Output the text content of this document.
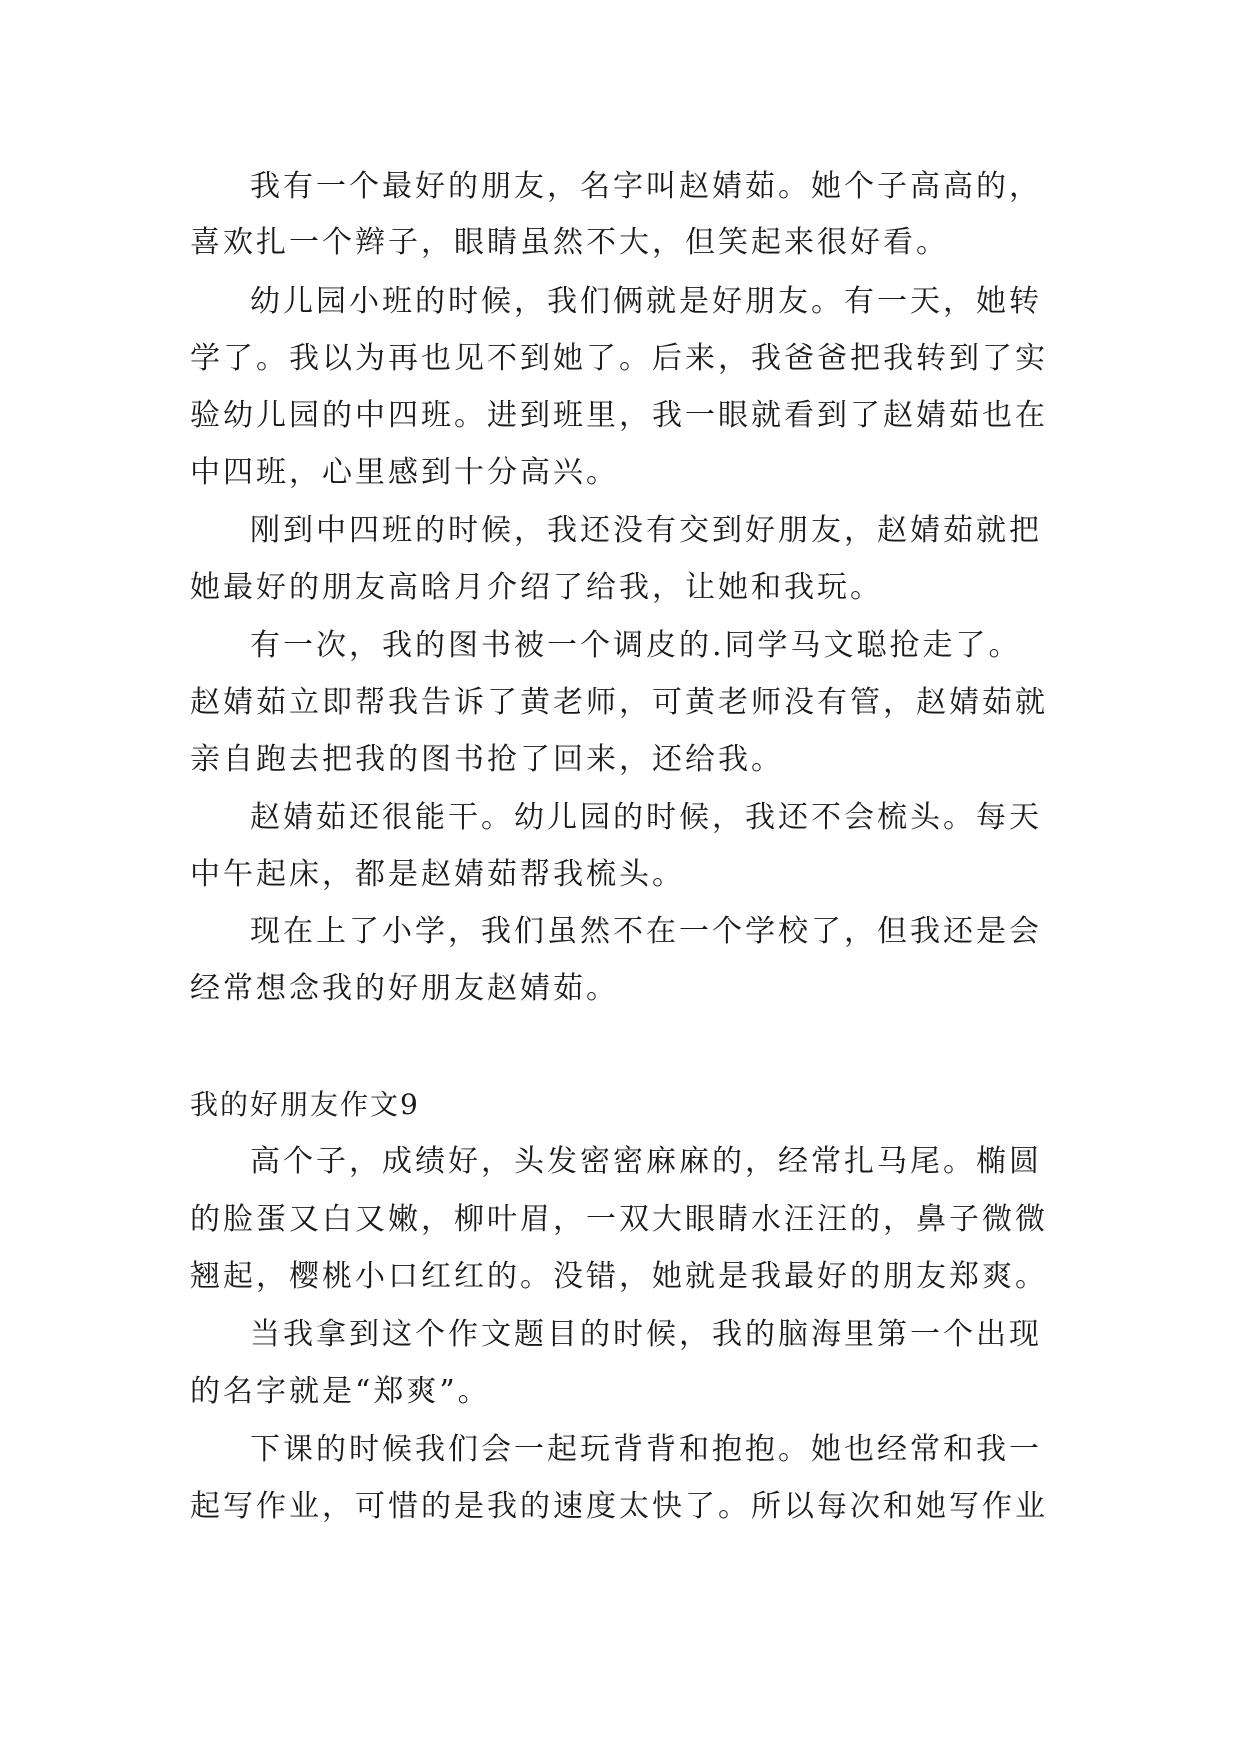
我有一个最好的朋友，名字叫赵婧茹。她个子高高的，
喜欢扎一个辫子，眼睛虽然不大，但笑起来很好看。
幼儿园小班的时候，我们俩就是好朋友。有一天，她转
学了。我以为再也见不到她了。后来，我爸爸把我转到了实
验幼儿园的中四班。进到班里，我一眼就看到了赵婧茹也在
中四班，心里感到十分高兴。
刚到中四班的时候，我还没有交到好朋友，赵婧茹就把
她最好的朋友高晗月介绍了给我，让她和我玩。
有一次，我的图书被一个调皮的.同学马文聪抢走了。
赵婧茹立即帮我告诉了黄老师，可黄老师没有管，赵婧茹就
亲自跑去把我的图书抢了回来，还给我。
赵婧茹还很能干。幼儿园的时候，我还不会梳头。每天
中午起床，都是赵婧茹帮我梳头。
现在上了小学，我们虽然不在一个学校了，但我还是会
经常想念我的好朋友赵婧茹。
我的好朋友作文9
高个子，成绩好，头发密密麻麻的，经常扎马尾。椭圆
的脸蛋又白又嫩，柳叶眉，一双大眼睛水汪汪的，鼻子微微
翘起，樱桃小口红红的。没错，她就是我最好的朋友郑爽。
当我拿到这个作文题目的时候，我的脑海里第一个出现
的名字就是“郑爽”。
下课的时候我们会一起玩背背和抱抱。她也经常和我一
起写作业，可惜的是我的速度太快了。所以每次和她写作业
